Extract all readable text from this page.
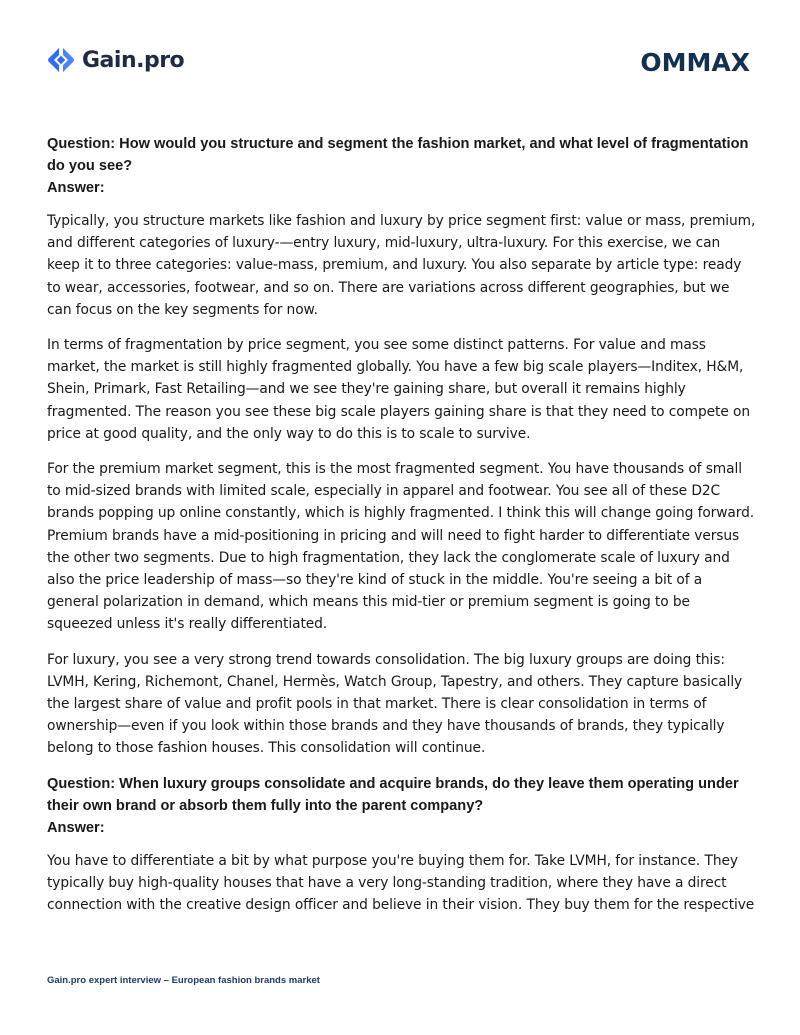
Gain.pro	OMMAX

Question: How would you structure and segment the fashion market, and what level of fragmentation do you see?

Answer:

Typically, you structure markets like fashion and luxury by price segment first: value or mass, premium, and different categories of luxury-—entry luxury, mid-luxury, ultra-luxury. For this exercise, we can keep it to three categories: value-mass, premium, and luxury. You also separate by article type: ready to wear, accessories, footwear, and so on. There are variations across different geographies, but we can focus on the key segments for now.

In terms of fragmentation by price segment, you see some distinct patterns. For value and mass market, the market is still highly fragmented globally. You have a few big scale players—Inditex, H&M, Shein, Primark, Fast Retailing—and we see they're gaining share, but overall it remains highly fragmented. The reason you see these big scale players gaining share is that they need to compete on price at good quality, and the only way to do this is to scale to survive.

For the premium market segment, this is the most fragmented segment. You have thousands of small to mid-sized brands with limited scale, especially in apparel and footwear. You see all of these D2C brands popping up online constantly, which is highly fragmented. I think this will change going forward. Premium brands have a mid-positioning in pricing and will need to fight harder to differentiate versus the other two segments. Due to high fragmentation, they lack the conglomerate scale of luxury and also the price leadership of mass—so they're kind of stuck in the middle. You're seeing a bit of a general polarization in demand, which means this mid-tier or premium segment is going to be squeezed unless it's really differentiated.

For luxury, you see a very strong trend towards consolidation. The big luxury groups are doing this: LVMH, Kering, Richemont, Chanel, Hermès, Watch Group, Tapestry, and others. They capture basically the largest share of value and profit pools in that market. There is clear consolidation in terms of ownership—even if you look within those brands and they have thousands of brands, they typically belong to those fashion houses. This consolidation will continue.

Question: When luxury groups consolidate and acquire brands, do they leave them operating under their own brand or absorb them fully into the parent company?

Answer:

You have to differentiate a bit by what purpose you're buying them for. Take LVMH, for instance. They typically buy high-quality houses that have a very long-standing tradition, where they have a direct connection with the creative design officer and believe in their vision. They buy them for the respective

Gain.pro expert interview – European fashion brands market
